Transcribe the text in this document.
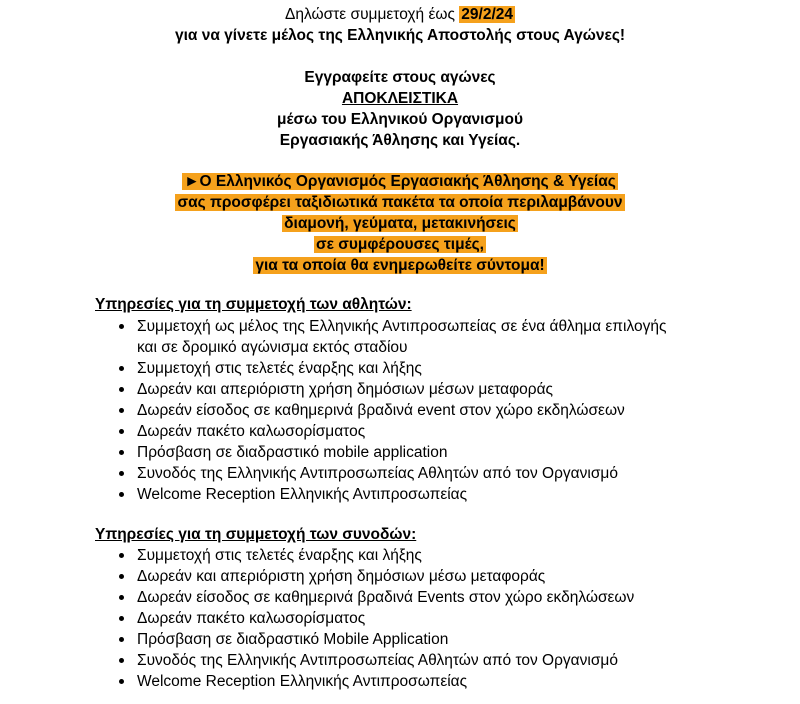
Δηλώστε συμμετοχή έως 29/2/24
για να γίνετε μέλος της Ελληνικής Αποστολής στους Αγώνες!
Εγγραφείτε στους αγώνες
ΑΠΟΚΛΕΙΣΤΙΚΑ
μέσω του Ελληνικού Οργανισμού
Εργασιακής Άθλησης και Υγείας.
►Ο Ελληνικός Οργανισμός Εργασιακής Άθλησης & Υγείας
σας προσφέρει ταξιδιωτικά πακέτα τα οποία περιλαμβάνουν
διαμονή, γεύματα, μετακινήσεις
σε συμφέρουσες τιμές,
για τα οποία θα ενημερωθείτε σύντομα!
Υπηρεσίες για τη συμμετοχή των αθλητών:
Συμμετοχή ως μέλος της Ελληνικής Αντιπροσωπείας σε ένα άθλημα επιλογής
και σε δρομικό αγώνισμα εκτός σταδίου
Συμμετοχή στις τελετές έναρξης και λήξης
Δωρεάν και απεριόριστη χρήση δημόσιων μέσων μεταφοράς
Δωρεάν είσοδος σε καθημερινά βραδινά event στον χώρο εκδηλώσεων
Δωρεάν πακέτο καλωσορίσματος
Πρόσβαση σε διαδραστικό mobile application
Συνοδός της Ελληνικής Αντιπροσωπείας Αθλητών από τον Οργανισμό
Welcome Reception Ελληνικής Αντιπροσωπείας
Υπηρεσίες για τη συμμετοχή των συνοδών:
Συμμετοχή στις τελετές έναρξης και λήξης
Δωρεάν και απεριόριστη χρήση δημόσιων μέσω μεταφοράς
Δωρεάν είσοδος σε καθημερινά βραδινά Events στον χώρο εκδηλώσεων
Δωρεάν πακέτο καλωσορίσματος
Πρόσβαση σε διαδραστικό Mobile Application
Συνοδός της Ελληνικής Αντιπροσωπείας Αθλητών από τον Οργανισμό
Welcome Reception Ελληνικής Αντιπροσωπείας
